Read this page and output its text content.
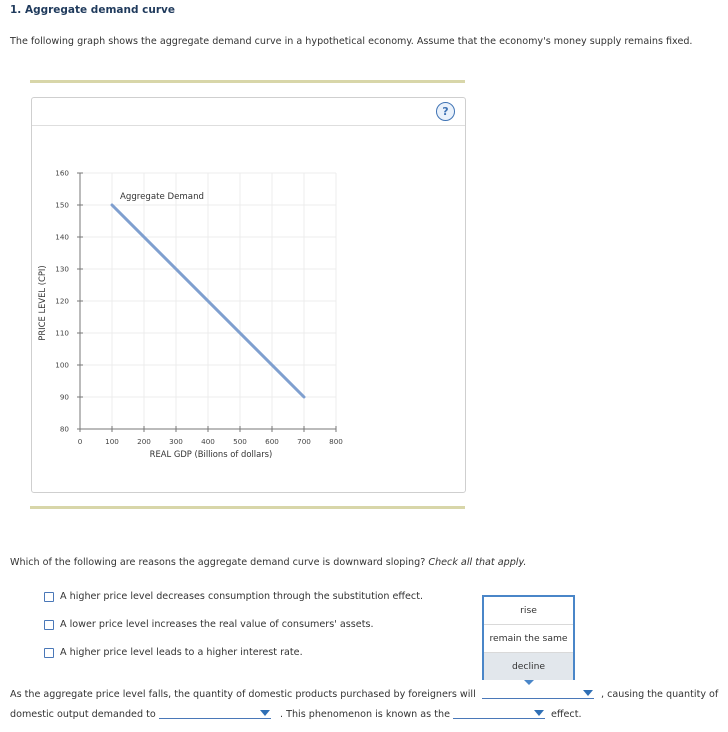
1. Aggregate demand curve
The following graph shows the aggregate demand curve in a hypothetical economy. Assume that the economy's money supply remains fixed.
?
0	100	200	300	400	500	600	700	800
80
90
100
110
120
130
140
150
160
REAL GDP (Billions of dollars)
PRICE LEVEL (CPI)
Aggregate Demand
Which of the following are reasons the aggregate demand curve is downward sloping? Check all that apply.
A higher price level decreases consumption through the substitution effect.
A lower price level increases the real value of consumers' assets.
A higher price level leads to a higher interest rate.
rise
remain the same
decline
As the aggregate price level falls, the quantity of domestic products purchased by foreigners will	, causing the quantity of
domestic output demanded to	. This phenomenon is known as the	effect.
